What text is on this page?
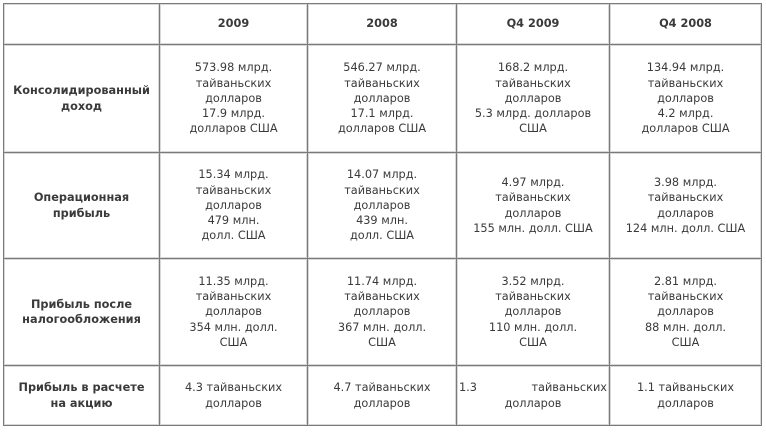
	2009	2008	Q4 2009	Q4 2008

Консолидированный
доход	573.98 млрд.
тайваньских
долларов
17.9 млрд.
долларов США	546.27 млрд.
тайваньских
долларов
17.1 млрд.
долларов США	168.2 млрд.
тайваньских
долларов
5.3 млрд. долларов
США	134.94 млрд.
тайваньских
долларов
4.2 млрд.
долларов США

Операционная
прибыль	15.34 млрд.
тайваньских
долларов
479 млн.
долл. США	14.07 млрд.
тайваньских
долларов
439 млн.
долл. США	4.97 млрд.
тайваньских
долларов
155 млн. долл. США	3.98 млрд.
тайваньских
долларов
124 млн. долл. США

Прибыль после
налогообложения	11.35 млрд.
тайваньских
долларов
354 млн. долл.
США	11.74 млрд.
тайваньских
долларов
367 млн. долл.
США	3.52 млрд.
тайваньских
долларов
110 млн. долл.
США	2.81 млрд.
тайваньских
долларов
88 млн. долл.
США

Прибыль в расчете
на акцию	4.3 тайваньских
долларов	4.7 тайваньских
долларов	1.3 тайваньских
долларов	1.1 тайваньских
долларов
